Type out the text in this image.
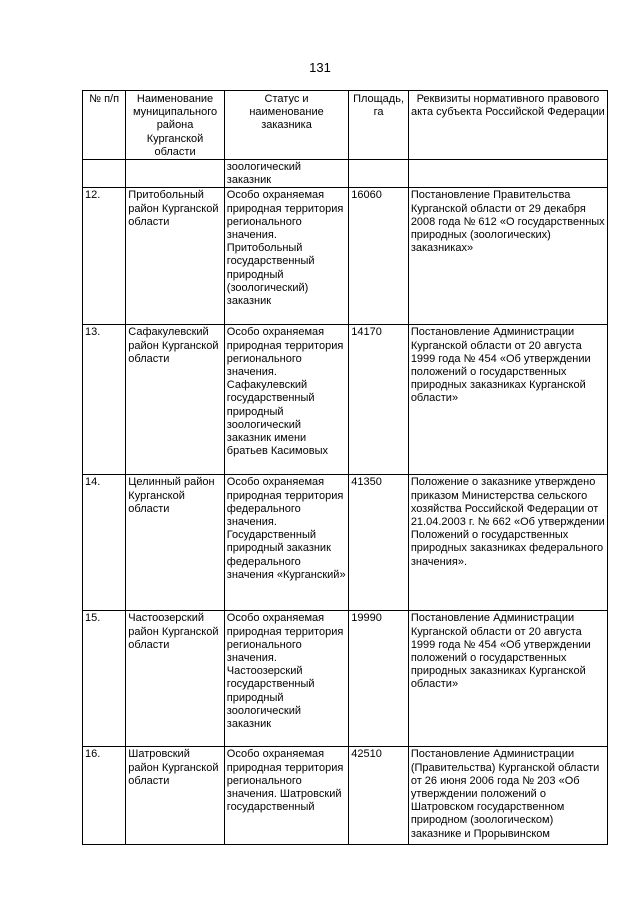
131
№ п/п	Наименование муниципального района Курганской области	Статус и наименование заказника	Площадь, га	Реквизиты нормативного правового акта субъекта Российской Федерации
		зоологический заказник		
12.	Притобольный район Курганской области	Особо охраняемая природная территория регионального значения. Притобольный государственный природный (зоологический) заказник	16060	Постановление Правительства Курганской области от 29 декабря 2008 года № 612 «О государственных природных (зоологических) заказниках»
13.	Сафакулевский район Курганской области	Особо охраняемая природная территория регионального значения. Сафакулевский государственный природный зоологический заказник имени братьев Касимовых	14170	Постановление Администрации Курганской области от 20 августа 1999 года № 454 «Об утверждении положений о государственных природных заказниках Курганской области»
14.	Целинный район Курганской области	Особо охраняемая природная территория федерального значения. Государственный природный заказник федерального значения «Курганский»	41350	Положение о заказнике утверждено приказом Министерства сельского хозяйства Российской Федерации от 21.04.2003 г. № 662 «Об утверждении Положений о государственных природных заказниках федерального значения».
15.	Частоозерский район Курганской области	Особо охраняемая природная территория регионального значения. Частоозерский государственный природный зоологический заказник	19990	Постановление Администрации Курганской области от 20 августа 1999 года № 454 «Об утверждении положений о государственных природных заказниках Курганской области»
16.	Шатровский район Курганской области	Особо охраняемая природная территория регионального значения. Шатровский государственный	42510	Постановление Администрации (Правительства) Курганской области от 26 июня 2006 года № 203 «Об утверждении положений о Шатровском государственном природном (зоологическом) заказнике и Прорывинском
